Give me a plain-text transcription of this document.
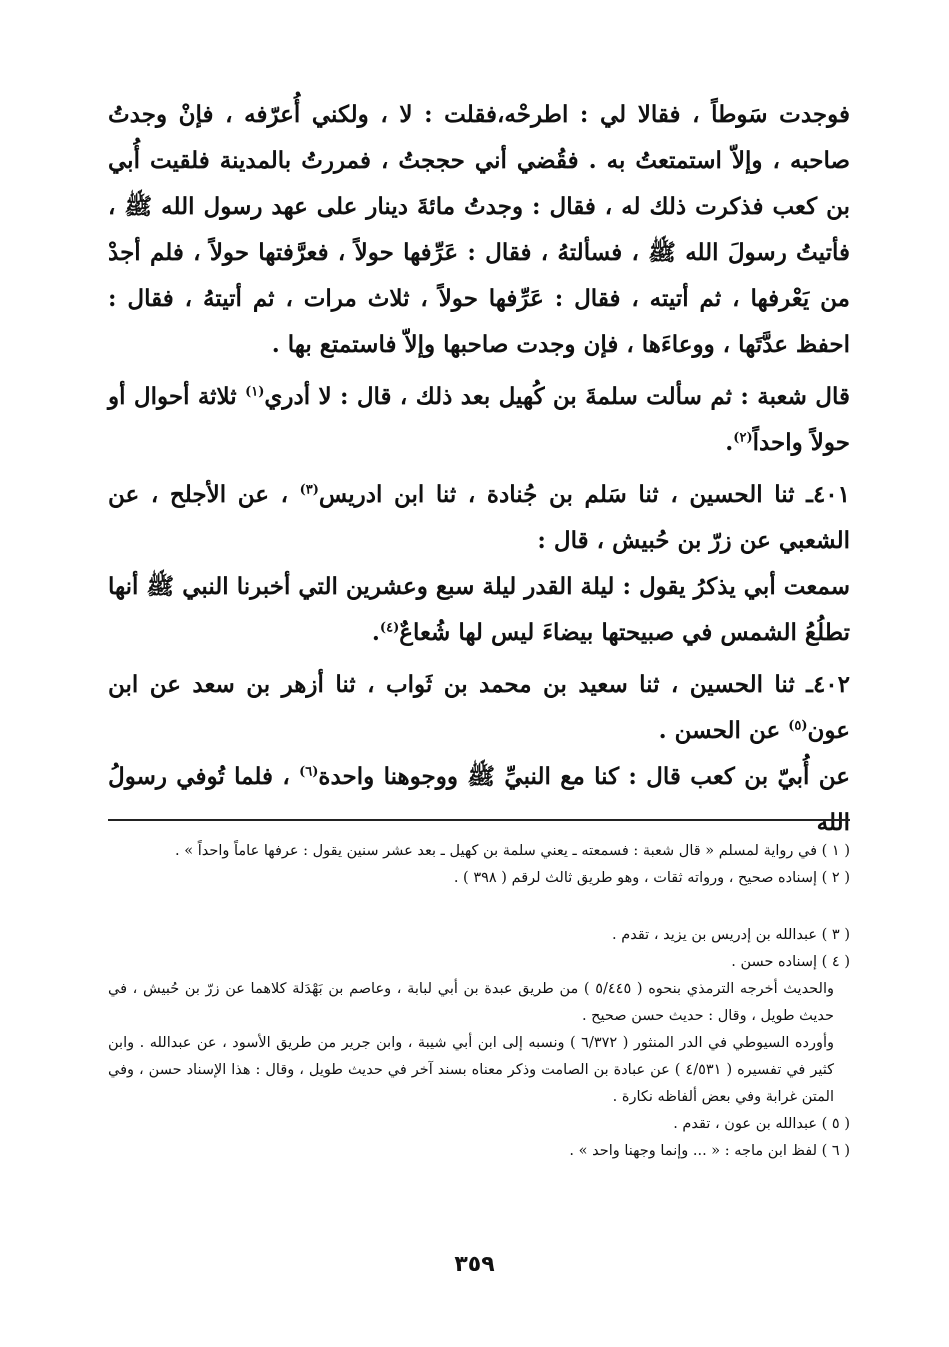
فوجدت سَوطاً ، فقالا لي : اطرحْه،فقلت : لا ، ولكني أُعرّفه ، فإنْ وجدتُ صاحبه ، وإلاّ استمتعتُ به . فقُضي أني حججتُ ، فمررتُ بالمدينة فلقيت أُبي بن كعب فذكرت ذلك له ، فقال : وجدتُ مائةَ دينار على عهد رسول الله ﷺ ، فأتيتُ رسولَ الله ﷺ ، فسألتهُ ، فقال : عَرِّفها حولاً ، فعرَّفتها حولاً ، فلم أجدْ من يَعْرفها ، ثم أتيته ، فقال : عَرِّفها حولاً ، ثلاث مرات ، ثم أتيتهُ ، فقال : احفظ عدَّتَها ، ووعاءَها ، فإن وجدت صاحبها وإلاّ فاستمتع بها .

قال شعبة : ثم سألت سلمةَ بن كُهيل بعد ذلك ، قال : لا أدري$^{(١)}$ ثلاثة أحوال أو حولاً واحداً$^{(٢)}$.

٤٠١ـ ثنا الحسين ، ثنا سَلم بن جُنادة ، ثنا ابن ادريس$^{(٣)}$ ، عن الأجلح ، عن الشعبي عن زرّ بن حُبيش ، قال :

سمعت أبي يذكرُ يقول : ليلة القدر ليلة سبع وعشرين التي أخبرنا النبي ﷺ أنها تطلُعُ الشمس في صبيحتها بيضاءَ ليس لها شُعاعٌ$^{(٤)}$.

٤٠٢ـ ثنا الحسين ، ثنا سعيد بن محمد بن ثَواب ، ثنا أزهر بن سعد عن ابن عون$^{(٥)}$ عن الحسن .

عن أُبيّ بن كعب قال : كنا مع النبيِّ ﷺ ووجوهنا واحدة$^{(٦)}$ ، فلما تُوفي رسولُ الله

( ١ ) في رواية لمسلم « قال شعبة : فسمعته ـ يعني سلمة بن كهيل ـ بعد عشر سنين يقول : عرفها عاماً واحداً » .

( ٢ ) إسناده صحيح ، ورواته ثقات ، وهو طريق ثالث لرقم ( ٣٩٨ ) .

( ٣ ) عبدالله بن إدريس بن يزيد ، تقدم .

( ٤ ) إسناده حسن .

والحديث أخرجه الترمذي بنحوه ( ٥/٤٤٥ ) من طريق عبدة بن أبي لبابة ، وعاصم بن بَهْدَلة كلاهما عن زرّ بن حُبيش ، في حديث طويل ، وقال : حديث حسن صحيح .

وأورده السيوطي في الدر المنثور ( ٦/٣٧٢ ) ونسبه إلى ابن أبي شيبة ، وابن جرير من طريق الأسود ، عن عبدالله . وابن كثير في تفسيره ( ٤/٥٣١ ) عن عبادة بن الصامت وذكر معناه بسند آخر في حديث طويل ، وقال : هذا الإسناد حسن ، وفي المتن غرابة وفي بعض ألفاظه نكارة .

( ٥ ) عبدالله بن عون ، تقدم .

( ٦ ) لفظ ابن ماجه : « ... وإنما وجهنا واحد » .

٣٥٩
